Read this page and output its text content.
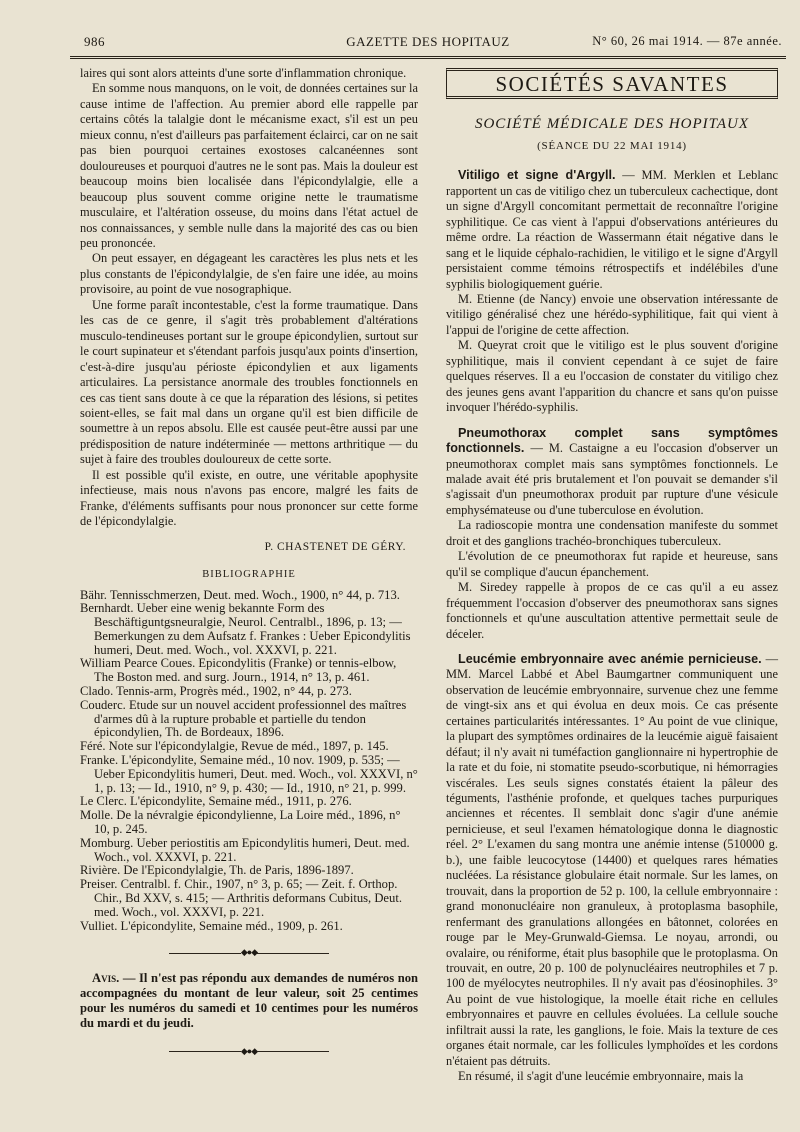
986	GAZETTE DES HOPITAUZ	N° 60, 26 mai 1914. — 87e année.

laires qui sont alors atteints d'une sorte d'inflammation chronique.

En somme nous manquons, on le voit, de données certaines sur la cause intime de l'affection. Au premier abord elle rappelle par certains côtés la talalgie dont le mécanisme exact, s'il est un peu mieux connu, n'est d'ailleurs pas parfaitement éclairci, car on ne sait pas bien pourquoi certaines exostoses calcanéennes sont douloureuses et pourquoi d'autres ne le sont pas. Mais la douleur est beaucoup moins bien localisée dans l'épicondylalgie, elle a beaucoup plus souvent comme origine nette le traumatisme musculaire, et l'altération osseuse, du moins dans l'état actuel de nos connaissances, y semble nulle dans la majorité des cas ou bien peu prononcée.

On peut essayer, en dégageant les caractères les plus nets et les plus constants de l'épicondylalgie, de s'en faire une idée, au moins provisoire, au point de vue nosographique.

Une forme paraît incontestable, c'est la forme traumatique. Dans les cas de ce genre, il s'agit très probablement d'altérations musculo-tendineuses portant sur le groupe épicondylien, surtout sur le court supinateur et s'étendant parfois jusqu'aux points d'insertion, c'est-à-dire jusqu'au périoste épicondylien et aux ligaments articulaires. La persistance anormale des troubles fonctionnels en ces cas tient sans doute à ce que la réparation des lésions, si petites soient-elles, se fait mal dans un organe qu'il est bien difficile de soumettre à un repos absolu. Elle est causée peut-être aussi par une prédisposition de nature indéterminée — mettons arthritique — du sujet à faire des troubles douloureux de cette sorte.

Il est possible qu'il existe, en outre, une véritable apophysite infectieuse, mais nous n'avons pas encore, malgré les faits de Franke, d'éléments suffisants pour nous prononcer sur cette forme de l'épicondylalgie.

P. CHASTENET DE GÉRY.
BIBLIOGRAPHIE
Bähr. Tennisschmerzen, Deut. med. Woch., 1900, n° 44, p. 713.
Bernhardt. Ueber eine wenig bekannte Form des Beschäftiguntgsneuralgie, Neurol. Centralbl., 1896, p. 13; — Bemerkungen zu dem Aufsatz f. Frankes : Ueber Epicondylitis humeri, Deut. med. Woch., vol. XXXVI, p. 221.
William Pearce Coues. Epicondylitis (Franke) or tennis-elbow, The Boston med. and surg. Journ., 1914, n° 13, p. 461.
Clado. Tennis-arm, Progrès méd., 1902, n° 44, p. 273.
Couderc. Etude sur un nouvel accident professionnel des maîtres d'armes dû à la rupture probable et partielle du tendon épicondylien, Th. de Bordeaux, 1896.
Féré. Note sur l'épicondylalgie, Revue de méd., 1897, p. 145.
Franke. L'épicondylite, Semaine méd., 10 nov. 1909, p. 535; — Ueber Epicondylitis humeri, Deut. med. Woch., vol. XXXVI, n° 1, p. 13; — Id., 1910, n° 9, p. 430; — Id., 1910, n° 21, p. 999.
Le Clerc. L'épicondylite, Semaine méd., 1911, p. 276.
Molle. De la névralgie épicondylienne, La Loire méd., 1896, n° 10, p. 245.
Momburg. Ueber periostitis am Epicondylitis humeri, Deut. med. Woch., vol. XXXVI, p. 221.
Rivière. De l'Epicondylalgie, Th. de Paris, 1896-1897.
Preiser. Centralbl. f. Chir., 1907, n° 3, p. 65; — Zeit. f. Orthop. Chir., Bd XXV, s. 415; — Arthritis deformans Cubitus, Deut. med. Woch., vol. XXXVI, p. 221.
Vulliet. L'épicondylite, Semaine méd., 1909, p. 261.
◆●◆

Avis. — Il n'est pas répondu aux demandes de numéros non accompagnées du montant de leur valeur, soit 25 centimes pour les numéros du samedi et 10 centimes pour les numéros du mardi et du jeudi.

◆●◆
SOCIÉTÉS SAVANTES
SOCIÉTÉ MÉDICALE DES HOPITAUX
(SÉANCE DU 22 MAI 1914)

Vitiligo et signe d'Argyll. — MM. Merklen et Leblanc rapportent un cas de vitiligo chez un tuberculeux cachectique, dont un signe d'Argyll concomitant permettait de reconnaître l'origine syphilitique. Ce cas vient à l'appui d'observations antérieures du même ordre. La réaction de Wassermann était négative dans le sang et le liquide céphalo-rachidien, le vitiligo et le signe d'Argyll persistaient comme témoins rétrospectifs et indélébiles d'une syphilis biologiquement guérie.

M. Etienne (de Nancy) envoie une observation intéressante de vitiligo généralisé chez une hérédo-syphilitique, fait qui vient à l'appui de l'origine de cette affection.

M. Queyrat croit que le vitiligo est le plus souvent d'origine syphilitique, mais il convient cependant à ce sujet de faire quelques réserves. Il a eu l'occasion de constater du vitiligo chez des jeunes gens avant l'apparition du chancre et sans qu'on puisse invoquer l'hérédo-syphilis.

Pneumothorax complet sans symptômes fonctionnels. — M. Castaigne a eu l'occasion d'observer un pneumothorax complet mais sans symptômes fonctionnels. Le malade avait été pris brutalement et l'on pouvait se demander s'il s'agissait d'un pneumothorax produit par rupture d'une vésicule emphysémateuse ou d'une tuberculose en évolution.

La radioscopie montra une condensation manifeste du sommet droit et des ganglions trachéo-bronchiques tuberculeux.

L'évolution de ce pneumothorax fut rapide et heureuse, sans qu'il se complique d'aucun épanchement.

M. Siredey rappelle à propos de ce cas qu'il a eu assez fréquemment l'occasion d'observer des pneumothorax sans signes fonctionnels et qu'une auscultation attentive permettait seule de déceler.

Leucémie embryonnaire avec anémie pernicieuse. — MM. Marcel Labbé et Abel Baumgartner communiquent une observation de leucémie embryonnaire, survenue chez une femme de vingt-six ans et qui évolua en deux mois. Ce cas présente certaines particularités intéressantes. 1° Au point de vue clinique, la plupart des symptômes ordinaires de la leucémie aiguë faisaient défaut; il n'y avait ni tuméfaction ganglionnaire ni hypertrophie de la rate et du foie, ni stomatite pseudo-scorbutique, ni hémorragies viscérales. Les seuls signes constatés étaient la pâleur des téguments, l'asthénie profonde, et quelques taches purpuriques anciennes et récentes. Il semblait donc s'agir d'une anémie pernicieuse, et seul l'examen hématologique donna le diagnostic réel. 2° L'examen du sang montra une anémie intense (510000 g. b.), une faible leucocytose (14400) et quelques rares hématies nucléées. La résistance globulaire était normale. Sur les lames, on trouvait, dans la proportion de 52 p. 100, la cellule embryonnaire : grand mononucléaire non granuleux, à protoplasma basophile, renfermant des granulations allongées en bâtonnet, colorées en rouge par le Mey-Grunwald-Giemsa. Le noyau, arrondi, ou ovalaire, ou réniforme, était plus basophile que le protoplasma. On trouvait, en outre, 20 p. 100 de polynucléaires neutrophiles et 7 p. 100 de myélocytes neutrophiles. Il n'y avait pas d'éosinophiles. 3° Au point de vue histologique, la moelle était riche en cellules embryonnaires et pauvre en cellules évoluées. La cellule souche infiltrait aussi la rate, les ganglions, le foie. Mais la texture de ces organes était normale, car les follicules lymphoïdes et les cordons n'étaient pas détruits.

En résumé, il s'agit d'une leucémie embryonnaire, mais la
